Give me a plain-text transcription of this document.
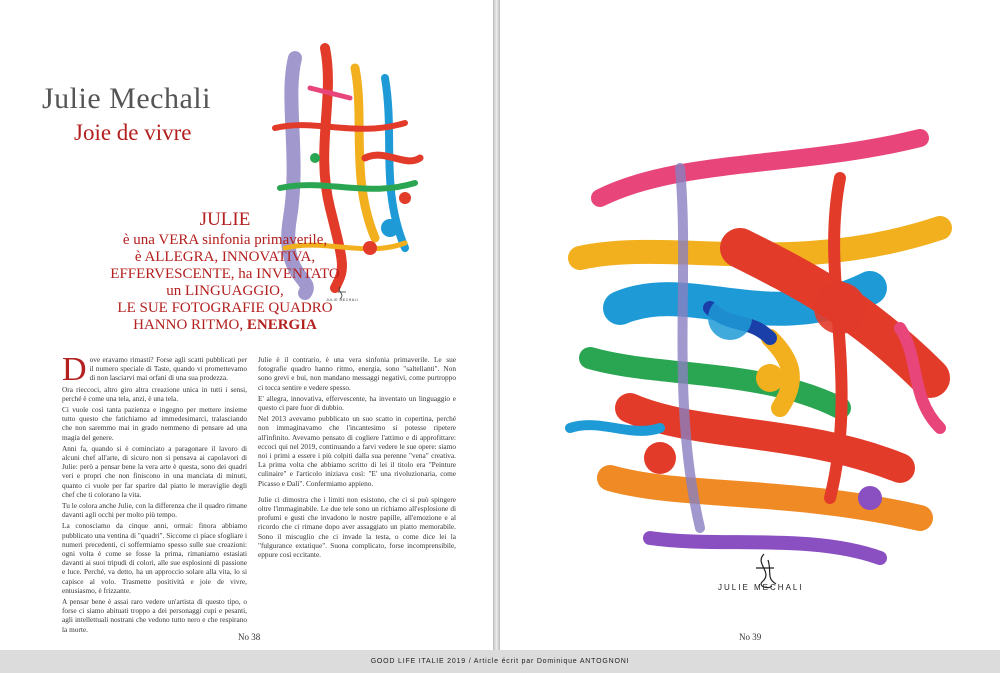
Julie Mechali
Joie de vivre
JULIE MECHALI
JULIE
è una VERA sinfonia primaverile,
è ALLEGRA, INNOVATIVA,
EFFERVESCENTE, ha INVENTATO
un LINGUAGGIO,
LE SUE FOTOGRAFIE QUADRO
HANNO RITMO, ENERGIA

Dove eravamo rimasti? Forse agli scatti pubblicati per il numero speciale di Taste, quando vi promettevamo di non lasciarvi mai orfani di una sua prodezza.

Ora rieccoci, altro giro altra creazione unica in tutti i sensi, perché è come una tela, anzi, è una tela.

Ci vuole così tanta pazienza e ingegno per mettere insieme tutto questo che fatichiamo ad immedesimarci, tralasciando che non saremmo mai in grado nemmeno di pensare ad una magia del genere.

Anni fa, quando si è cominciato a paragonare il lavoro di alcuni chef all'arte, di sicuro non si pensava ai capolavori di Julie: però a pensar bene la vera arte è questa, sono dei quadri veri e propri che non finiscono in una manciata di minuti, quanto ci vuole per far sparire dal piatto le meraviglie degli chef che ti colorano la vita.

Tu le colora anche Julie, con la differenza che il quadro rimane davanti agli occhi per molto più tempo.

La conosciamo da cinque anni, ormai: finora abbiamo pubblicato una ventina di "quadri". Siccome ci piace sfogliare i numeri precedenti, ci soffermiamo spesso sulle sue creazioni: ogni volta è come se fosse la prima, rimaniamo estasiati davanti ai suoi tripudi di colori, alle sue esplosioni di passione e luce. Perché, va detto, ha un approccio solare alla vita, lo si capisce al volo. Trasmette positività e joie de vivre, entusiasmo, è frizzante.

A pensar bene è assai raro vedere un'artista di questo tipo, o forse ci siamo abituati troppo a dei personaggi cupi e pesanti, agli intellettuali nostrani che vedono tutto nero e che respirano la morte.

Julie è il contrario, è una vera sinfonia primaverile. Le sue fotografie quadro hanno ritmo, energia, sono "saltellanti". Non sono grevi e bui, non mandano messaggi negativi, come purtroppo ci tocca sentire e vedere spesso.

E' allegra, innovativa, effervescente, ha inventato un linguaggio e questo ci pare fuor di dubbio.

Nel 2013 avevamo pubblicato un suo scatto in copertina, perché non immaginavamo che l'incantesimo si potesse ripetere all'infinito. Avevamo pensato di cogliere l'attimo e di approfittare: eccoci qui nel 2019, continuando a farvi vedere le sue opere: siamo noi i primi a essere i più colpiti dalla sua perenne "vena" creativa. La prima volta che abbiamo scritto di lei il titolo era "Peinture culinaire" e l'articolo iniziava così: "E' una rivoluzionaria, come Picasso e Dalì". Confermiamo appieno.

Julie ci dimostra che i limiti non esistono, che ci si può spingere oltre l'immaginabile. Le due tele sono un richiamo all'esplosione di profumi e gusti che invadono le nostre papille, all'emozione e al ricordo che ci rimane dopo aver assaggiato un piatto memorabile. Sono il miscuglio che ci invade la testa, o come dice lei la "fulgurance extatique". Suona complicato, forse incomprensibile, eppure così eccitante.

No 38
JULIE MECHALI
No 39
GOOD LIFE ITALIE 2019 / Article écrit par Dominique ANTOGNONI
